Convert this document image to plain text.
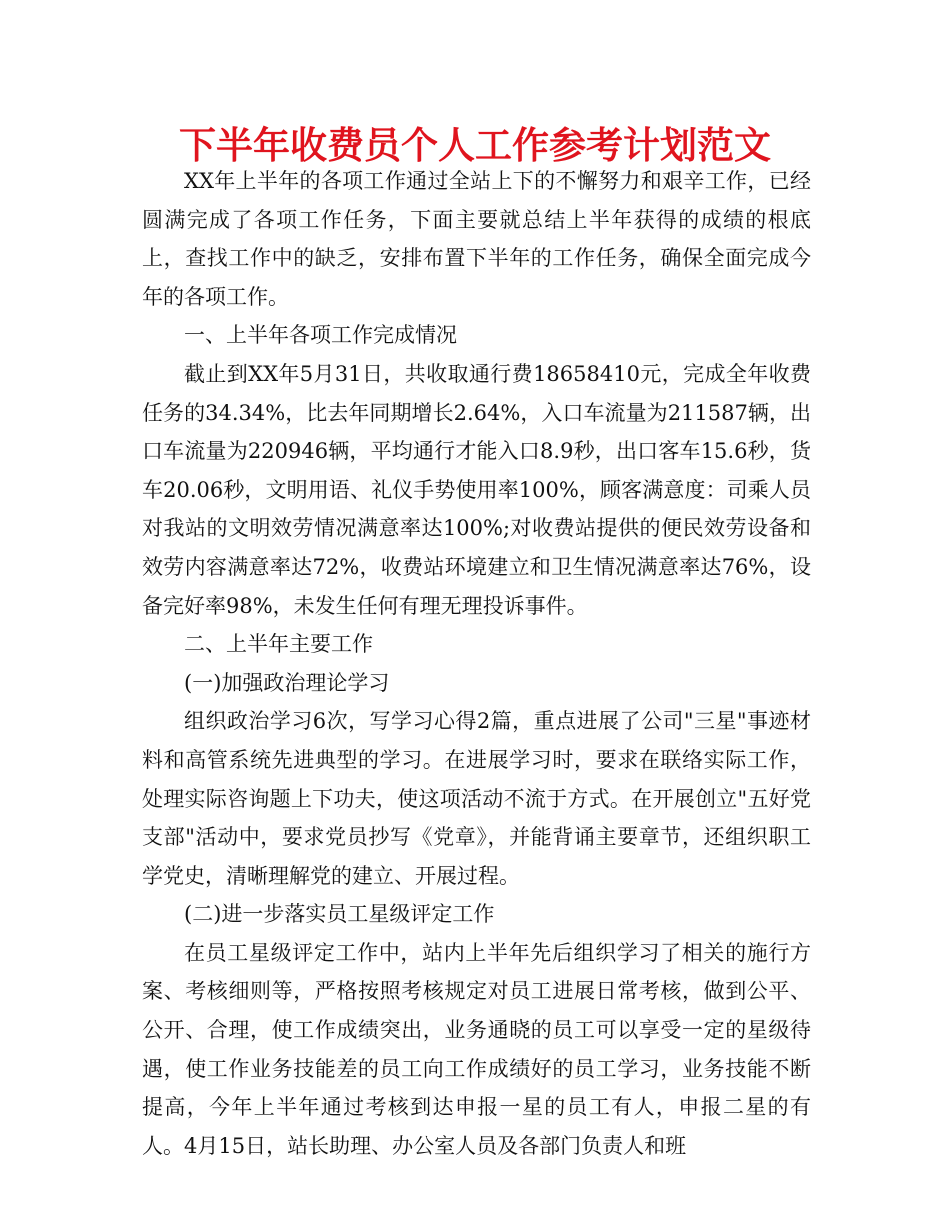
下半年收费员个人工作参考计划范文

XX年上半年的各项工作通过全站上下的不懈努力和艰辛工作，已经圆满完成了各项工作任务，下面主要就总结上半年获得的成绩的根底上，查找工作中的缺乏，安排布置下半年的工作任务，确保全面完成今年的各项工作。

一、上半年各项工作完成情况

截止到XX年5月31日，共收取通行费18658410元，完成全年收费任务的34.34%，比去年同期增长2.64%，入口车流量为211587辆，出口车流量为220946辆，平均通行才能入口8.9秒，出口客车15.6秒，货车20.06秒，文明用语、礼仪手势使用率100%，顾客满意度：司乘人员对我站的文明效劳情况满意率达100%;对收费站提供的便民效劳设备和效劳内容满意率达72%，收费站环境建立和卫生情况满意率达76%，设备完好率98%，未发生任何有理无理投诉事件。

二、上半年主要工作

(一)加强政治理论学习

组织政治学习6次，写学习心得2篇，重点进展了公司"三星"事迹材料和高管系统先进典型的学习。在进展学习时，要求在联络实际工作，处理实际咨询题上下功夫，使这项活动不流于方式。在开展创立"五好党支部"活动中，要求党员抄写《党章》，并能背诵主要章节，还组织职工学党史，清晰理解党的建立、开展过程。

(二)进一步落实员工星级评定工作

在员工星级评定工作中，站内上半年先后组织学习了相关的施行方案、考核细则等，严格按照考核规定对员工进展日常考核，做到公平、公开、合理，使工作成绩突出，业务通晓的员工可以享受一定的星级待遇，使工作业务技能差的员工向工作成绩好的员工学习，业务技能不断提高，今年上半年通过考核到达申报一星的员工有人，申报二星的有人。4月15日，站长助理、办公室人员及各部门负责人和班
